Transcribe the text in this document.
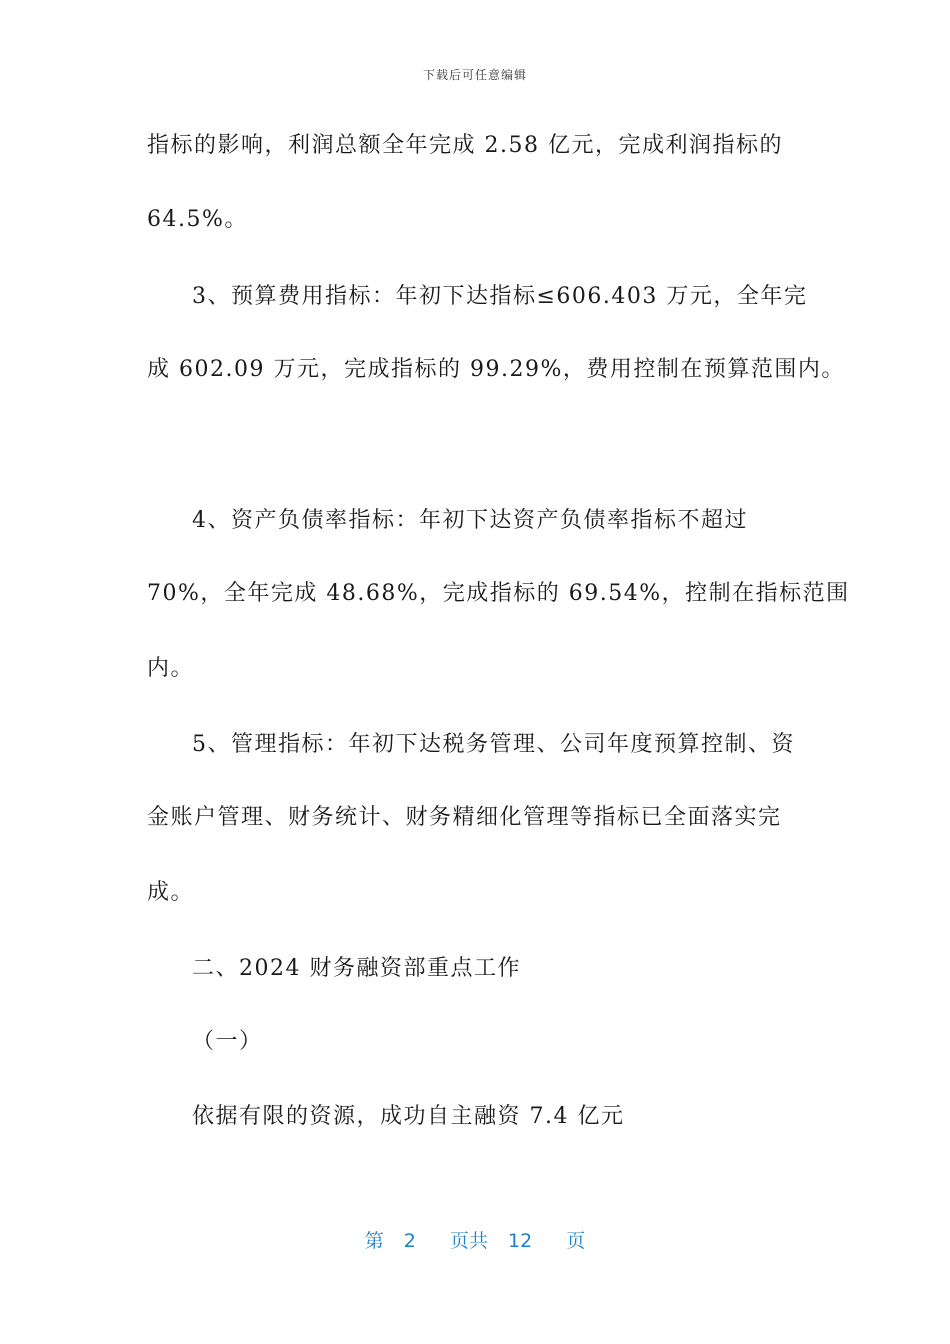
下载后可任意编辑
指标的影响，利润总额全年完成 2.58 亿元，完成利润指标的
64.5%。
3、预算费用指标：年初下达指标≤606.403 万元，全年完
成 602.09 万元，完成指标的 99.29%，费用控制在预算范围内。
4、资产负债率指标：年初下达资产负债率指标不超过
70%，全年完成 48.68%，完成指标的 69.54%，控制在指标范围
内。
5、管理指标：年初下达税务管理、公司年度预算控制、资
金账户管理、财务统计、财务精细化管理等指标已全面落实完
成。
二、2024 财务融资部重点工作
（一）
依据有限的资源，成功自主融资 7.4 亿元
第 2 页共 12 页
